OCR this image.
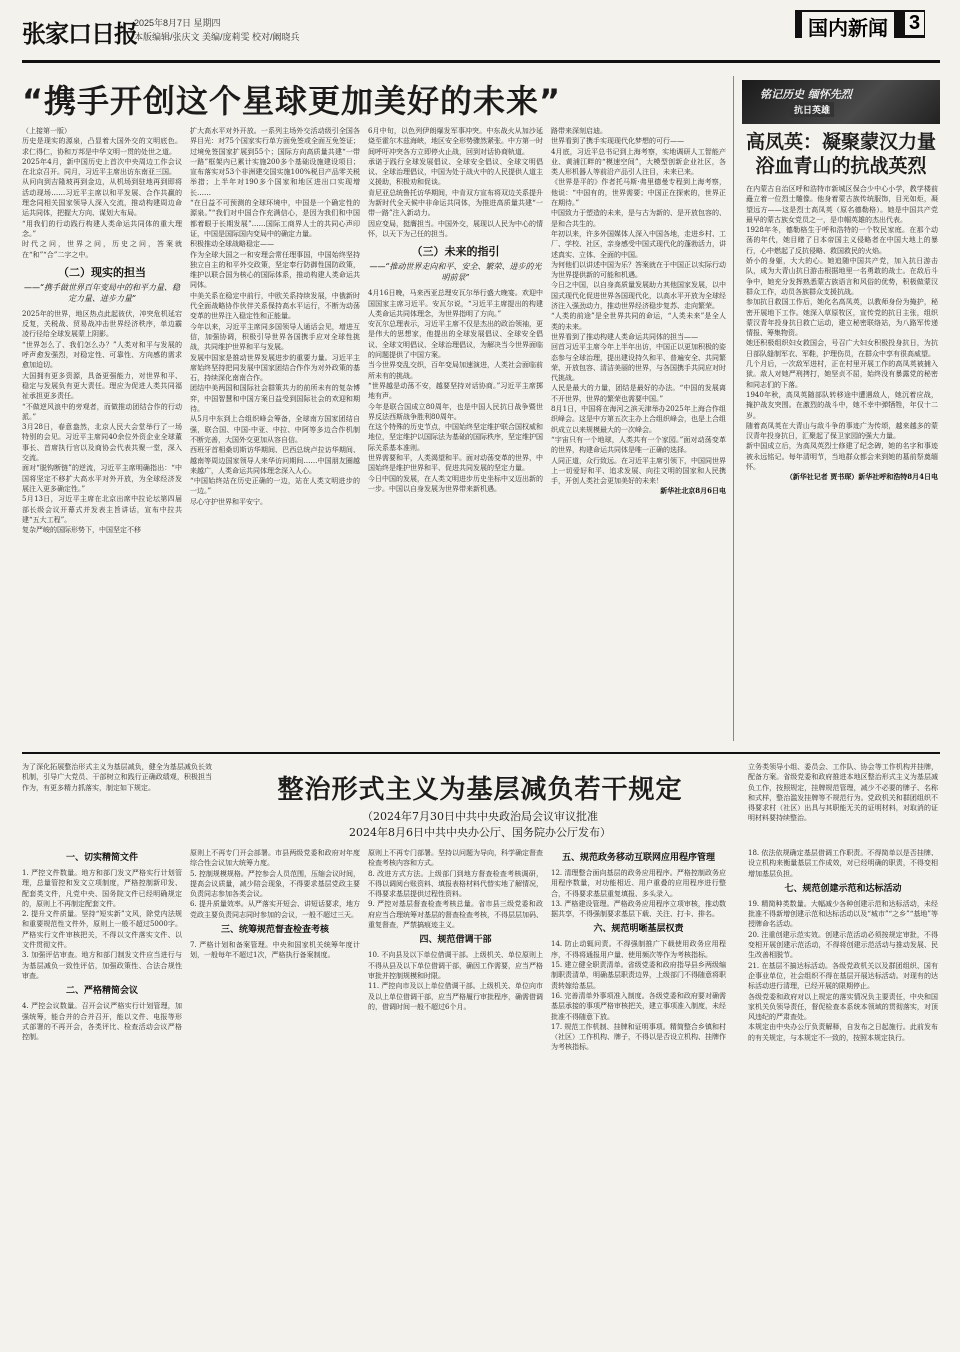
张家口日报
2025年8月7日 星期四
本版编辑/张庆文 美编/庞莉雯 校对/阚晓兵	国内新闻	3
“携手开创这个星球更加美好的未来”
（上接第一版）

历史是现实的源泉，凸显着大国外交的文明底色。求仁得仁，协和万邦是中华文明一贯的处世之道。

2025年4月，新中国历史上首次中央周边工作会议在北京召开。同月，习近平主席出访东南亚三国。

从问向到吉隆坡再到金边，从机场到驻地再到即将活动现场……习近平主席以和平发展、合作共赢的理念同相关国家领导人深入交流，推动构建周边命运共同体，把握大方向、谋划大布局。

“用我们的行动践行构建人类命运共同体的重大理念。”

时代之问，世界之问，历史之问，答案就在“和”“合”二字之中。

（二）现实的担当
——“携手做世界百年变局中的和平力量、稳定力量、进步力量”

2025年的世界，地区热点此起彼伏，冲突危机延宕反复，关税战、贸易战冲击世界经济秩序，单边霸凌行径给全球发展蒙上阴影。

“世界怎么了、我们怎么办？”人类对和平与发展的呼声愈发强烈，对稳定性、可靠性、方向感的需求愈加迫切。

大国拥有更多资源，具备更强能力，对世界和平、稳定与发展负有更大责任。理应为促进人类共同福祉承担更多责任。

“不做逆风浪中的旁观者，而做推动团结合作的行动派。”

3月28日，春意盎然，北京人民大会堂举行了一场特别的会见。习近平主席同40余位外资企业全球董事长、首席执行官以及商协会代表共聚一堂，深入交流。

面对“脱钩断链”的逆流，习近平主席明确指出：“中国将坚定不移扩大高水平对外开放，为全球经济发展注入更多确定性。”

5月13日，习近平主席在北京出席中拉论坛第四届部长级会议开幕式并发表主旨讲话，宣布中拉共建“五大工程”。

复杂严峻的国际形势下，中国坚定不移

扩大高水平对外开放。一系列主场外交活动级引全国各界目光：对75个国家实行单方面免签或全面互免签证；过境免签国家扩展到55个；国际方向高质量共建“一带一路”框架内已累计实施200多个基础设施建设项目；宣布落实对53个非洲建交国实施100%税目产品零关税举措；上半年对190多个国家和地区进出口实现增长……

“在日益不可预测的全球环境中，中国是一个确定性的源泉。”“我们对中国合作充满信心，是因为我们和中国都着眼于长期发展”……国际工商界人士的共同心声印证，中国是国际国内变局中的确定力量。

积极推动全球战略稳定——

作为全球大国之一和安理会常任理事国，中国始终坚持独立自主的和平外交政策，坚定奉行防御性国防政策，维护以联合国为核心的国际体系，推动构建人类命运共同体。

中美关系在稳定中前行，中欧关系持续发展，中俄新时代全面战略协作伙伴关系保持高水平运行，不断为动荡变革的世界注入稳定性和正能量。

今年以来，习近平主席同多国领导人通话会见，增进互信，加强协调，积极引导世界各国携手应对全球性挑战，共同维护世界和平与发展。

发展中国家是推动世界发展进步的重要力量。习近平主席始终坚持把同发展中国家团结合作作为对外政策的基石，持续深化南南合作。

团结中美两国和国际社会群策共力的前所未有的复杂博弈，中国智慧和中国方案日益受到国际社会的欢迎和期待。

从5月中东到上合组织峰会筹备，全球南方国家团结自强，联合国、中国-中亚、中拉、中阿等多边合作机制不断完善，大国外交更加从容自信。

西班牙首相桑切斯访华期间、巴西总统卢拉访华期间、越南等周边国家领导人来华访问期间……中国朋友圈越来越广，人类命运共同体理念深入人心。

“中国始终站在历史正确的一边，站在人类文明进步的一边。”

尽心守护世界和平安宁。

6月中旬，以色列伊朗爆发军事冲突。中东战火从加沙延烧至霍尔木兹海峡，地区安全形势骤然紧张。中方第一时间呼吁冲突各方立即停火止战，回到对话协商轨道。

承诺于践行全球发展倡议、全球安全倡议、全球文明倡议、全球治理倡议，中国为处于战火中的人民提供人道主义援助，积极劝和促谈。

肯尼亚总统鲁托访华期间，中肯双方宣布将双边关系提升为新时代全天候中非命运共同体，为推进高质量共建“一带一路”注入新动力。

因应变局，挺膺担当。中国外交，展现以人民为中心的情怀，以天下为己任的担当。

（三）未来的指引
——“推动世界走向和平、安全、繁荣、进步的光明前景”

4月16日晚，马来西亚总理安瓦尔举行盛大晚宴。欢迎中国国家主席习近平。安瓦尔说，“习近平主席提出的构建人类命运共同体理念，为世界指明了方向。”

安瓦尔总理表示，习近平主席不仅是杰出的政治领袖，更是伟大的思想家，他提出的全球发展倡议、全球安全倡议、全球文明倡议、全球治理倡议，为解决当今世界面临的问题提供了中国方案。

当今世界变乱交织，百年变局加速演进，人类社会面临前所未有的挑战。

“世界越是动荡不安，越要坚持对话协商。”习近平主席掷地有声。

今年是联合国成立80周年，也是中国人民抗日战争暨世界反法西斯战争胜利80周年。

在这个特殊的历史节点，中国始终坚定维护联合国权威和地位，坚定维护以国际法为基础的国际秩序，坚定维护国际关系基本准则。

世界需要和平，人类渴望和平。面对动荡变革的世界，中国始终是维护世界和平、促进共同发展的坚定力量。

今日中国的发展，在人类文明进步历史坐标中又迈出新的一步。中国以自身发展为世界带来新机遇。

路带来深刻启迪。

世界看到了携手实现现代化梦想的可行——

4月底，习近平总书记到上海考察，实地调研人工智能产业、黄浦江畔的“模速空间”，大模型创新企业社区，各类人形机器人等前沿产品引人注目，未来已来。

《世界是平的》作者托马斯·弗里德曼专程到上海考察，他说：“中国有的，世界需要；中国正在探索的，世界正在期待。”

中国致力于塑造的未来，是与古为新的、是开放包容的、是和合共生的。

年初以来，许多外国媒体人深入中国各地，走进乡村、工厂、学校、社区，亲身感受中国式现代化的蓬勃活力，讲述真实、立体、全面的中国。

为何他们以讲述中国为乐？答案就在于中国正以实际行动为世界提供新的可能和机遇。

今日之中国，以自身高质量发展助力其他国家发展，以中国式现代化促进世界各国现代化，以高水平开放为全球经济注入强劲动力，推动世界经济稳步复苏、走向繁荣。

“人类的前途”是全世界共同的命运，“人类未来”是全人类的未来。

世界看到了推动构建人类命运共同体的担当——

回首习近平主席今年上半年出访，中国正以更加积极的姿态参与全球治理，提出建设持久和平、普遍安全、共同繁荣、开放包容、清洁美丽的世界，与各国携手共同应对时代挑战。

人民是最大的力量，团结是最好的办法。“中国的发展离不开世界，世界的繁荣也需要中国。”

8月1日，中国将在海河之滨天津举办2025年上海合作组织峰会。这是中方第五次主办上合组织峰会，也是上合组织成立以来规模最大的一次峰会。

“宇宙只有一个地球，人类共有一个家园。”面对动荡变革的世界，构建命运共同体是唯一正确的选择。

人同正道，众行致远。在习近平主席引领下，中国同世界上一切爱好和平、追求发展、向往文明的国家和人民携手，开创人类社会更加美好的未来！

新华社北京8月6日电
铭记历史 缅怀先烈
抗日英雄
高凤英：凝聚蒙汉力量
浴血青山的抗战英烈

在内蒙古自治区呼和浩特市新城区保合少中心小学，教学楼前矗立着一位烈士雕像。他身着蒙古族传统服饰，目光如炬，凝望远方——这是烈士高凤英（原名德勒格）。她是中国共产党最早的蒙古族女党员之一，是巾帼英雄的杰出代表。

1928年冬，德勒格生于呼和浩特的一个牧民家庭。在那个动荡的年代，她目睹了日本帝国主义侵略者在中国大地上的暴行，心中燃起了反抗侵略、救国救民的火焰。

娇小的身躯，大大的心。她追随中国共产党，加入抗日游击队，成为大青山抗日游击根据地里一名勇敢的战士。在敌后斗争中，她充分发挥熟悉蒙古族语言和风俗的优势，积极做蒙汉群众工作，动员各族群众支援抗战。

参加抗日救国工作后，她化名高凤英，以教师身份为掩护，秘密开展地下工作。她深入草原牧区，宣传党的抗日主张，组织蒙汉青年投身抗日救亡运动，建立秘密联络站，为八路军传递情报、筹集物资。

她还积极组织妇女救国会，号召广大妇女积极投身抗日，为抗日部队缝制军衣、军鞋，护理伤员，在群众中享有很高威望。

几个月后，一次敌军进村，正在村里开展工作的高凤英被捕入狱。敌人对她严刑拷打，她坚贞不屈，始终没有暴露党的秘密和同志们的下落。

1940年秋，高凤英随部队转移途中遭遇敌人，她沉着应战，掩护战友突围。在激烈的战斗中，她不幸中弹牺牲，年仅十二岁。

随着高凤英在大青山与敌斗争的事迹广为传颂，越来越多的蒙汉青年投身抗日，汇聚起了保卫家园的强大力量。

新中国成立后，为高凤英烈士修建了纪念碑，她的名字和事迹被永远铭记。每年清明节，当地群众都会来到她的墓前祭奠缅怀。

（新华社记者 贾书琛）新华社呼和浩特8月4日电
整治形式主义为基层减负若干规定
（2024年7月30日中共中央政治局会议审议批准
2024年8月6日中共中央办公厅、国务院办公厅发布）

为了深化拓展整治形式主义为基层减负，健全为基层减负长效机制，引导广大党员、干部树立和践行正确政绩观，积极担当作为，有更多精力抓落实，制定如下规定。

立务类领导小组、委员会、工作队、协会等工作机构并挂牌，配备方案。省级党委和政府推进本地区整治形式主义为基层减负工作，按照规定，挂牌规范管理，减少不必要的牌子、名称和式样，整治滥发挂牌等不规范行为。党政机关和群团组织不得要求村（社区）出具与其职能无关的证明材料，对取消的证明材料要持续整治。

一、切实精简文件

1. 严控文件数量。地方和部门发文严格实行计划管理，总量管控和发文立项制度，严格控制新印发、配套类文件，凡党中央、国务院文件已经明确规定的，原则上不再制定配套文件。

2. 提升文件质量。坚持“短实新”文风，除党内法规和重要规范性文件外，原则上一般不超过5000字。严格实行文件审核把关，不得以文件落实文件、以文件贯彻文件。

3. 加强评估审查。地方和部门制发文件应当进行与为基层减负一致性评估，加强政策性、合法合规性审查。

二、严格精简会议

4. 严控会议数量。召开会议严格实行计划管理，加强统筹，能合并的合并召开，能以文件、电报等形式部署的不再开会，各类评比、检查活动会议严格控制。

原则上不再专门开会部署。市县两级党委和政府对年度综合性会议加大统筹力度。

5. 控制规模规格。严控参会人员范围，压缩会议时间，提高会议质量，减少陪会现象，不得要求基层党政主要负责同志参加各类会议。

6. 提升质量效率。从严落实开短会、讲短话要求，地方党政主要负责同志同时参加的会议，一般不超过三天。

三、统筹规范督查检查考核

7. 严格计划和备案管理。中央和国家机关统筹年度计划，一般每年不超过1次，严格执行备案制度。

原则上不再专门部署。坚持以问题为导向，科学确定督查检查考核内容和方式。

8. 改进方式方法。上级部门到地方督查检查考核调研，不得以调阅台账资料、填报表格材料代替实地了解情况，不得要求基层提供过程性资料。

9. 严控对基层督查检查考核总量。省市县三级党委和政府应当合理统筹对基层的督查检查考核，不得层层加码、重复督查，严禁搞痕迹主义。

四、规范借调干部

10. 不向县及以下单位借调干部。上级机关、单位原则上不得从县及以下单位借调干部，确因工作需要，应当严格审批并控制规模和时限。

11. 严控向市及以上单位借调干部。上级机关、单位向市及以上单位借调干部，应当严格履行审批程序，确需借调的，借调时间一般不超过6个月。

五、规范政务移动互联网应用程序管理

12. 清理整合面向基层的政务应用程序。严格控制政务应用程序数量，对功能相近、用户重叠的应用程序进行整合，不得要求基层重复填报、多头录入。

13. 严格建设管理。严格政务应用程序立项审核，推动数据共享，不得强制要求基层下载、关注、打卡、排名。

六、规范明晰基层权责

14. 防止动辄问责。不得强制推广下载使用政务应用程序，不得将通报用户量、使用频次等作为考核指标。

15. 建立健全职责清单。省级党委和政府指导县乡两级编制职责清单，明确基层职责边界，上级部门不得随意将职责转嫁给基层。

16. 完善清单外事项准入制度。各级党委和政府要对确需基层承接的事项严格审核把关，建立事项准入制度，未经批准不得随意下放。

17. 规范工作机制、挂牌和证明事项。精简整合乡镇和村（社区）工作机构、牌子，不得以是否设立机构、挂牌作为考核指标。

18. 依法依规确定基层借调工作职责。不得简单以是否挂牌、设立机构来衡量基层工作成效，对已经明确的职责，不得变相增加基层负担。

七、规范创建示范和达标活动

19. 精简种类数量。大幅减少各种创建示范和达标活动，未经批准不得新增创建示范和达标活动以及“城市”“之乡”“基地”等授牌命名活动。

20. 注重创建示范实效。创建示范活动必须按规定审批，不得变相开展创建示范活动，不得将创建示范活动与推动发展、民生改善相脱节。

21. 在基层不搞达标活动。各级党政机关以及群团组织、国有企事业单位，社会组织不得在基层开展达标活动。对现有的达标活动进行清理，已经开展的限期停止。

各级党委和政府对以上规定的落实情况负主要责任，中央和国家机关负领导责任，督促检查本系统本领域的贯彻落实，对顶风违纪的严肃查处。

本规定由中央办公厅负责解释，自发布之日起施行。此前发布的有关规定，与本规定不一致的，按照本规定执行。
